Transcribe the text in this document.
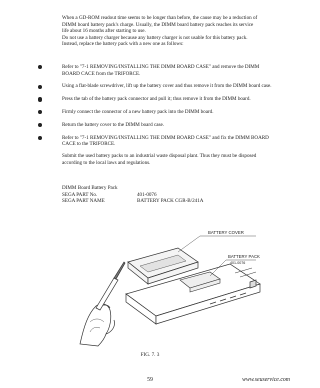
When a GD-ROM readout time seems to be longer than before, the cause may be a reduction of

DIMM board battery pack's charge. Usually, the DIMM board battery pack reaches its service

life about 16 months after starting to use.

Do not use a battery charger because any battery charger is not usable for this battery pack.

Instead, replace the battery pack with a new one as follows:

Refer to "7-1 REMOVING/INSTALLING THE DIMM BOARD CASE" and remove the DIMM BOARD CACE from the TRIFORCE.
Using a flat-blade screwdriver, lift up the battery cover and thus remove it from the DIMM board case.
Press the tab of the battery pack connector and pull it; thus remove it from the DIMM board.
Firmly connect the connector of a new battery pack into the DIMM board.
Return the battery cover to the DIMM board case.
Refer to "7-1 REMOVING/INSTALLING THE DIMM BOARD CASE" and fix the DIMM BOARD CACE to the TRIFORCE.

Submit the used battery packs to an industrial waste disposal plant. Thus they must be disposed

according to the local laws and regulations.

DIMM Board Battery Pack
SEGA PART No.	401-0076
SEGA PART NAME	BATTERY PACK CGR-B/241A
BATTERY COVER
BATTERY PACK
401-0076
FIG. 7. 3
59	www.seuservice.com
